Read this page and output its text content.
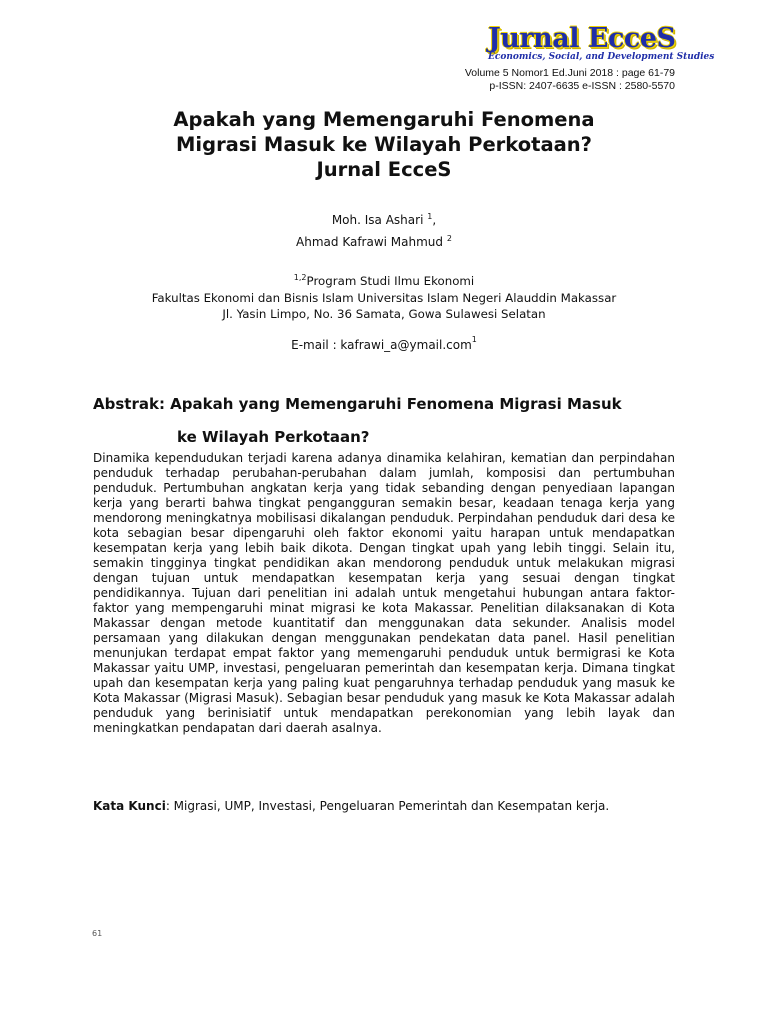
Jurnal EcceS
Economics, Social, and Development Studies
Volume 5 Nomor1 Ed.Juni 2018 : page 61-79
p-ISSN: 2407-6635 e-ISSN : 2580-5570
Apakah yang Memengaruhi Fenomena
Migrasi Masuk ke Wilayah Perkotaan?
Jurnal EcceS
Moh. Isa Ashari $^1$,
Ahmad Kafrawi Mahmud $^2$
$^{1,2}$Program Studi Ilmu Ekonomi
Fakultas Ekonomi dan Bisnis Islam Universitas Islam Negeri Alauddin Makassar
Jl. Yasin Limpo, No. 36 Samata, Gowa Sulawesi Selatan
E-mail : kafrawi_a@ymail.com$^1$
Abstrak: Apakah yang Memengaruhi Fenomena Migrasi Masuk
ke Wilayah Perkotaan?
Dinamika kependudukan terjadi karena adanya dinamika kelahiran, kematian dan perpindahan penduduk terhadap perubahan-perubahan dalam jumlah, komposisi dan pertumbuhan penduduk. Pertumbuhan angkatan kerja yang tidak sebanding dengan penyediaan lapangan kerja yang berarti bahwa tingkat pengangguran semakin besar, keadaan tenaga kerja yang mendorong meningkatnya mobilisasi dikalangan penduduk. Perpindahan penduduk dari desa ke kota sebagian besar dipengaruhi oleh faktor ekonomi yaitu harapan untuk mendapatkan kesempatan kerja yang lebih baik dikota. Dengan tingkat upah yang lebih tinggi. Selain itu, semakin tingginya tingkat pendidikan akan mendorong penduduk untuk melakukan migrasi dengan tujuan untuk mendapatkan kesempatan kerja yang sesuai dengan tingkat pendidikannya. Tujuan dari penelitian ini adalah untuk mengetahui hubungan antara faktor-faktor yang mempengaruhi minat migrasi ke kota Makassar. Penelitian dilaksanakan di Kota Makassar dengan metode kuantitatif dan menggunakan data sekunder. Analisis model persamaan yang dilakukan dengan menggunakan pendekatan data panel. Hasil penelitian menunjukan terdapat empat faktor yang memengaruhi penduduk untuk bermigrasi ke Kota Makassar yaitu UMP, investasi, pengeluaran pemerintah dan kesempatan kerja. Dimana tingkat upah dan kesempatan kerja yang paling kuat pengaruhnya terhadap penduduk yang masuk ke Kota Makassar (Migrasi Masuk). Sebagian besar penduduk yang masuk ke Kota Makassar adalah penduduk yang berinisiatif untuk mendapatkan perekonomian yang lebih layak dan meningkatkan pendapatan dari daerah asalnya.
Kata Kunci: Migrasi, UMP, Investasi, Pengeluaran Pemerintah dan Kesempatan kerja.
61
